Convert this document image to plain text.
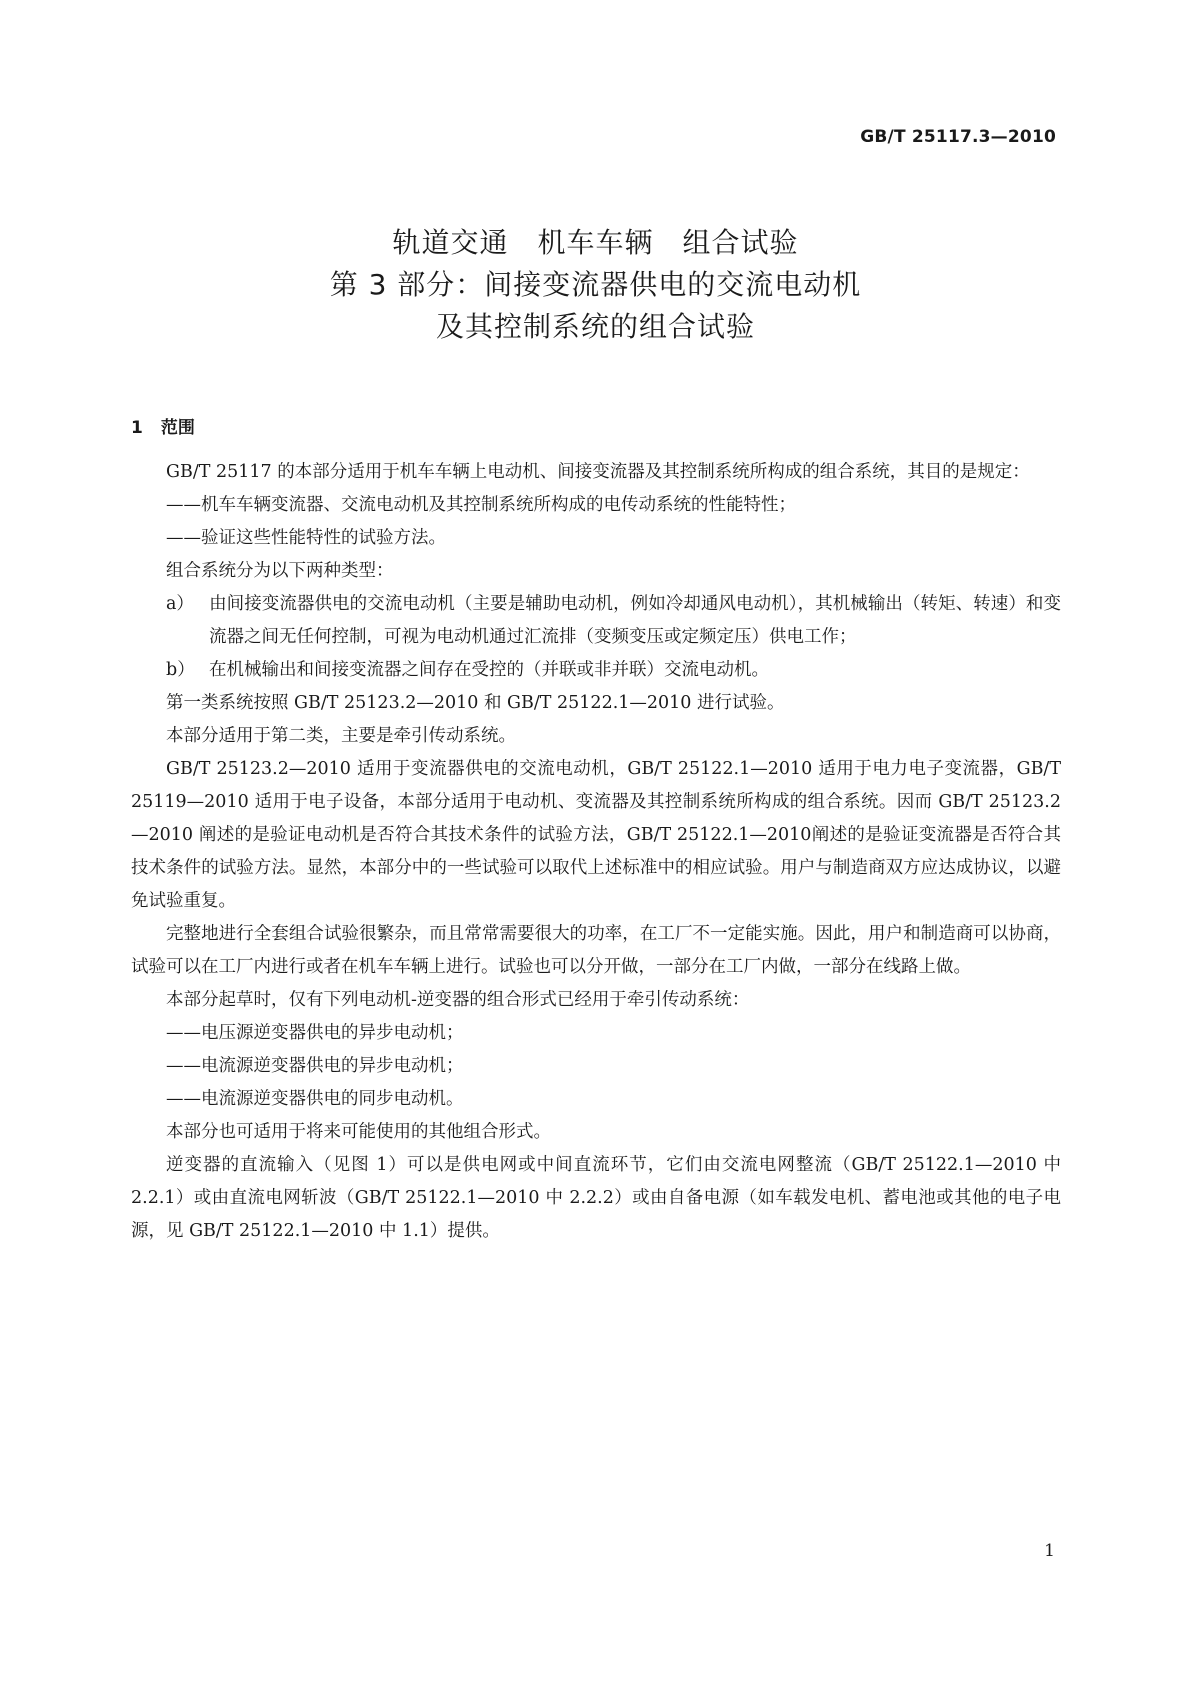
GB/T 25117.3—2010
轨道交通　机车车辆　组合试验
第 3 部分：间接变流器供电的交流电动机
及其控制系统的组合试验
1 范围

GB/T 25117 的本部分适用于机车车辆上电动机、间接变流器及其控制系统所构成的组合系统，其目的是规定：

——机车车辆变流器、交流电动机及其控制系统所构成的电传动系统的性能特性；

——验证这些性能特性的试验方法。

组合系统分为以下两种类型：

a） 由间接变流器供电的交流电动机（主要是辅助电动机，例如冷却通风电动机），其机械输出（转矩、转速）和变流器之间无任何控制，可视为电动机通过汇流排（变频变压或定频定压）供电工作；

b） 在机械输出和间接变流器之间存在受控的（并联或非并联）交流电动机。

第一类系统按照 GB/T 25123.2—2010 和 GB/T 25122.1—2010 进行试验。

本部分适用于第二类，主要是牵引传动系统。

GB/T 25123.2—2010 适用于变流器供电的交流电动机，GB/T 25122.1—2010 适用于电力电子变流器，GB/T 25119—2010 适用于电子设备，本部分适用于电动机、变流器及其控制系统所构成的组合系统。因而 GB/T 25123.2—2010 阐述的是验证电动机是否符合其技术条件的试验方法，GB/T 25122.1—2010阐述的是验证变流器是否符合其技术条件的试验方法。显然，本部分中的一些试验可以取代上述标准中的相应试验。用户与制造商双方应达成协议，以避免试验重复。

完整地进行全套组合试验很繁杂，而且常常需要很大的功率，在工厂不一定能实施。因此，用户和制造商可以协商，试验可以在工厂内进行或者在机车车辆上进行。试验也可以分开做，一部分在工厂内做，一部分在线路上做。

本部分起草时，仅有下列电动机-逆变器的组合形式已经用于牵引传动系统：

——电压源逆变器供电的异步电动机；

——电流源逆变器供电的异步电动机；

——电流源逆变器供电的同步电动机。

本部分也可适用于将来可能使用的其他组合形式。

逆变器的直流输入（见图 1）可以是供电网或中间直流环节，它们由交流电网整流（GB/T 25122.1—2010 中 2.2.1）或由直流电网斩波（GB/T 25122.1—2010 中 2.2.2）或由自备电源（如车载发电机、蓄电池或其他的电子电源，见 GB/T 25122.1—2010 中 1.1）提供。

1
